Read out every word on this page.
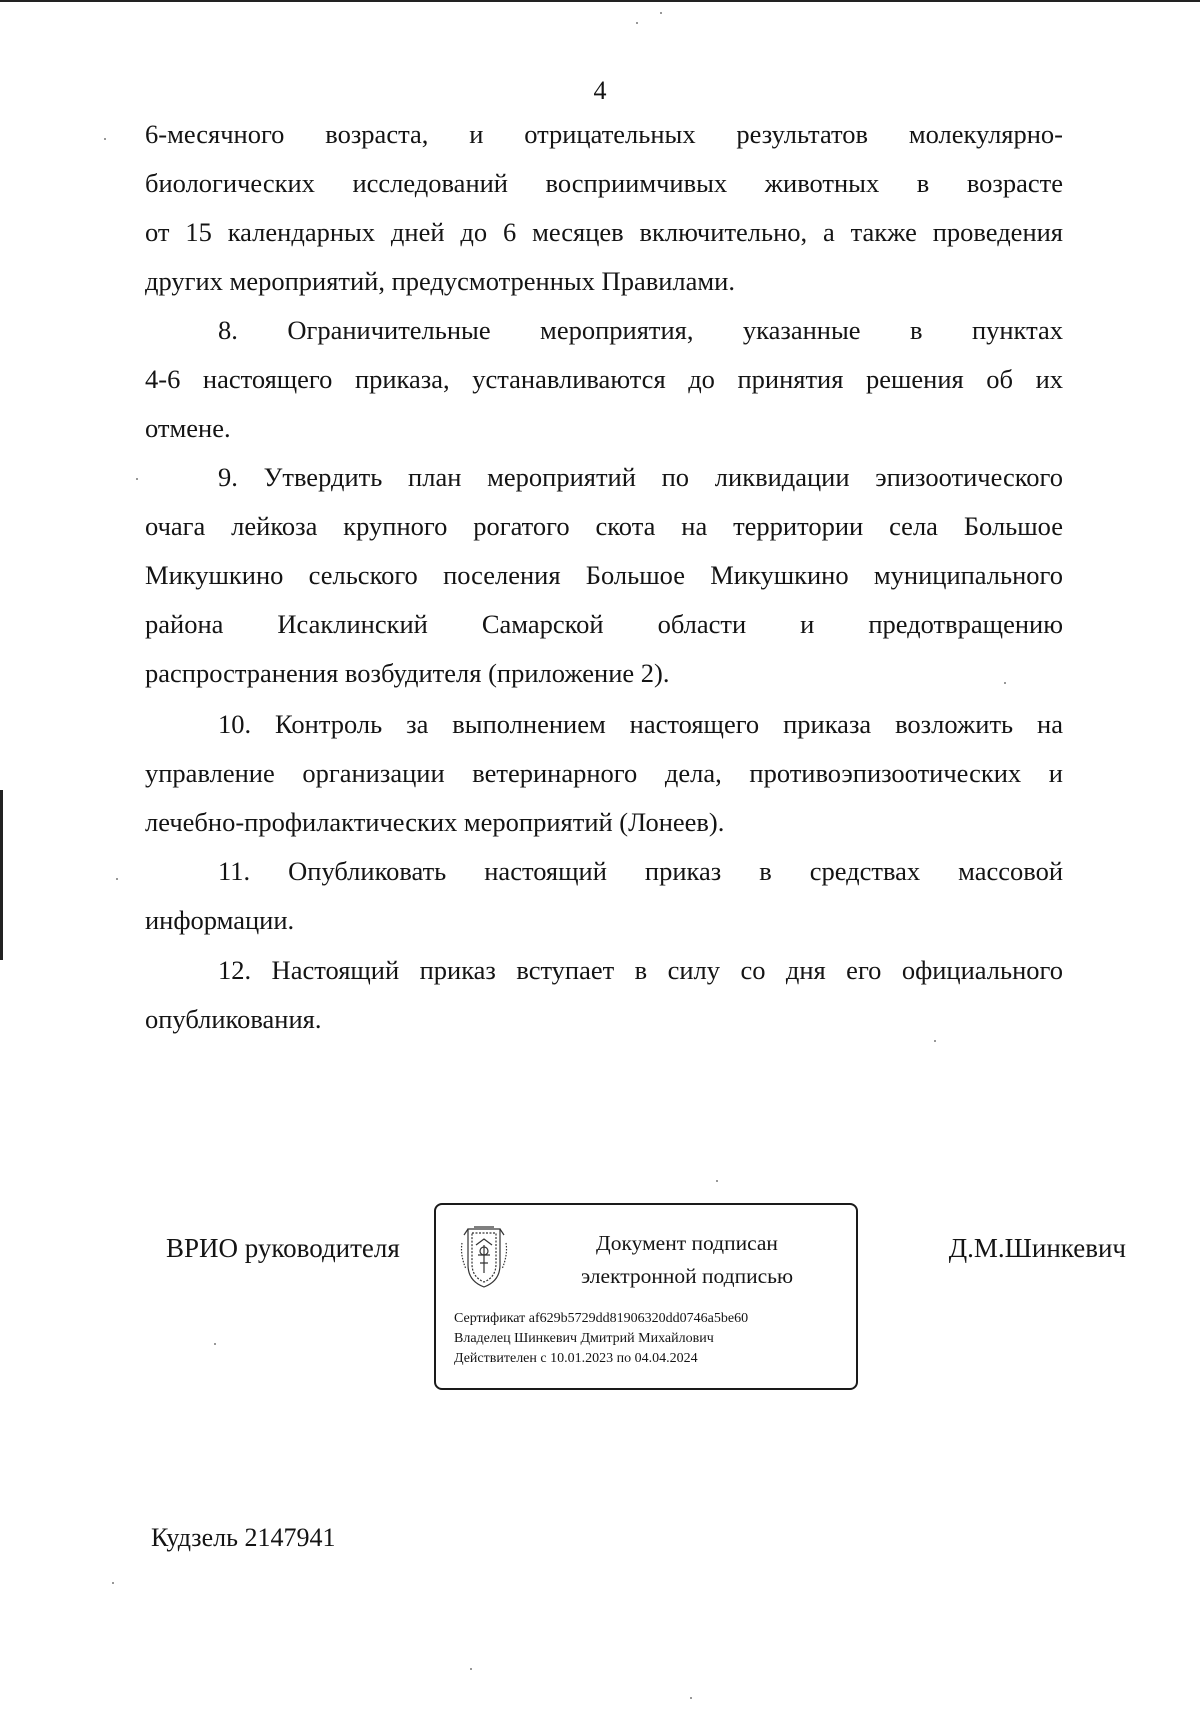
4

6-месячного возраста, и отрицательных результатов молекулярно-
биологических исследований восприимчивых животных в возрасте
от 15 календарных дней до 6 месяцев включительно, а также проведения

других мероприятий, предусмотренных Правилами.

8. Ограничительные мероприятия, указанные в пунктах
4-6 настоящего приказа, устанавливаются до принятия решения об их

отмене.

9. Утвердить план мероприятий по ликвидации эпизоотического
очага лейкоза крупного рогатого скота на территории села Большое
Микушкино сельского поселения Большое Микушкино муниципального
района Исаклинский Самарской области и предотвращению

распространения возбудителя (приложение 2).

10. Контроль за выполнением настоящего приказа возложить на
управление организации ветеринарного дела, противоэпизоотических и

лечебно-профилактических мероприятий (Лонеев).

11. Опубликовать настоящий приказ в средствах массовой

информации.

12. Настоящий приказ вступает в силу со дня его официального

опубликования.

ВРИО руководителя	Документ подписан
электронной подписью
Сертификат af629b5729dd81906320dd0746a5be60
Владелец Шинкевич Дмитрий Михайлович
Действителен с 10.01.2023 по 04.04.2024
Д.М.Шинкевич
Кудзель 2147941
